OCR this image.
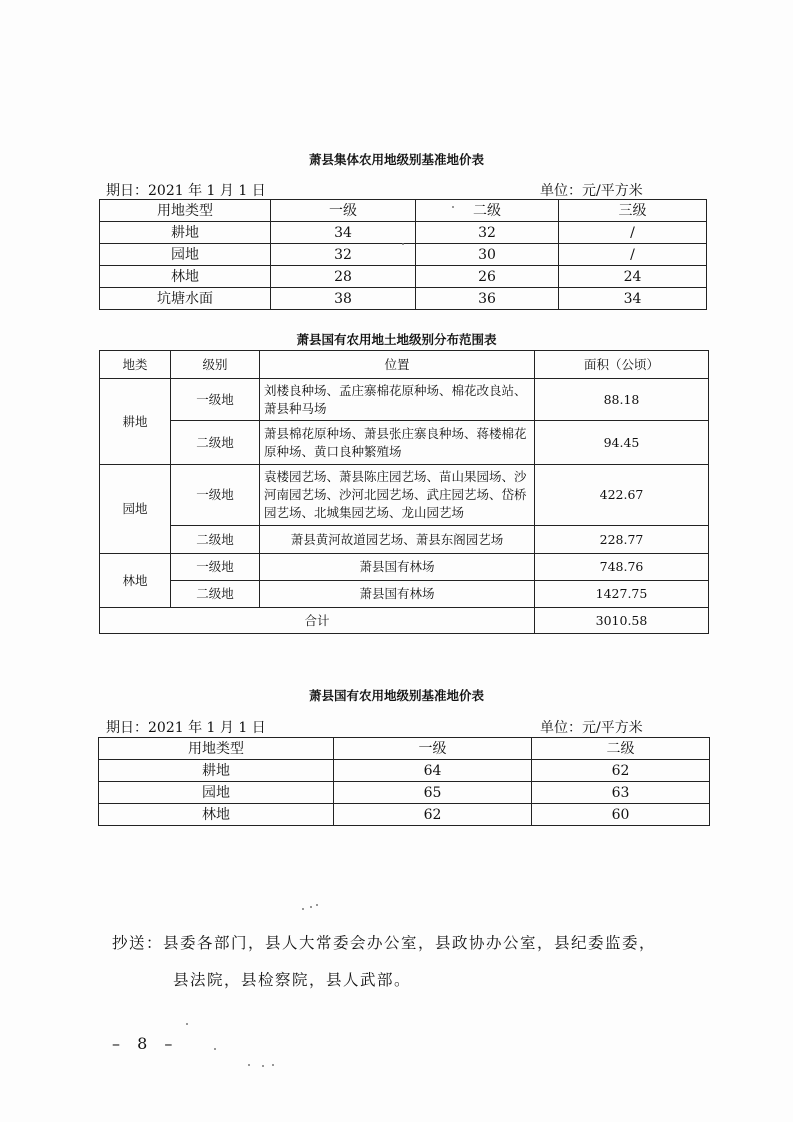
萧县集体农用地级别基准地价表
期日：2021 年 1 月 1 日	单位：元/平方米
用地类型	一级	二级	三级
耕地	34	32	/
园地	32	30	/
林地	28	26	24
坑塘水面	38	36	34
萧县国有农用地土地级别分布范围表
地类	级别	位置	面积（公顷）
耕地	一级地	刘楼良种场、孟庄寨棉花原种场、棉花改良站、萧县种马场	88.18
	二级地	萧县棉花原种场、萧县张庄寨良种场、蒋楼棉花原种场、黄口良种繁殖场	94.45
园地	一级地	袁楼园艺场、萧县陈庄园艺场、苗山果园场、沙河南园艺场、沙河北园艺场、武庄园艺场、岱桥园艺场、北城集园艺场、龙山园艺场	422.67
	二级地	萧县黄河故道园艺场、萧县东阁园艺场	228.77
林地	一级地	萧县国有林场	748.76
	二级地	萧县国有林场	1427.75
合计			3010.58
萧县国有农用地级别基准地价表
期日：2021 年 1 月 1 日	单位：元/平方米
用地类型	一级	二级
耕地	64	62
园地	65	63
林地	62	60
抄送：县委各部门，县人大常委会办公室，县政协办公室，县纪委监委，
县法院，县检察院，县人武部。
– 8 –
